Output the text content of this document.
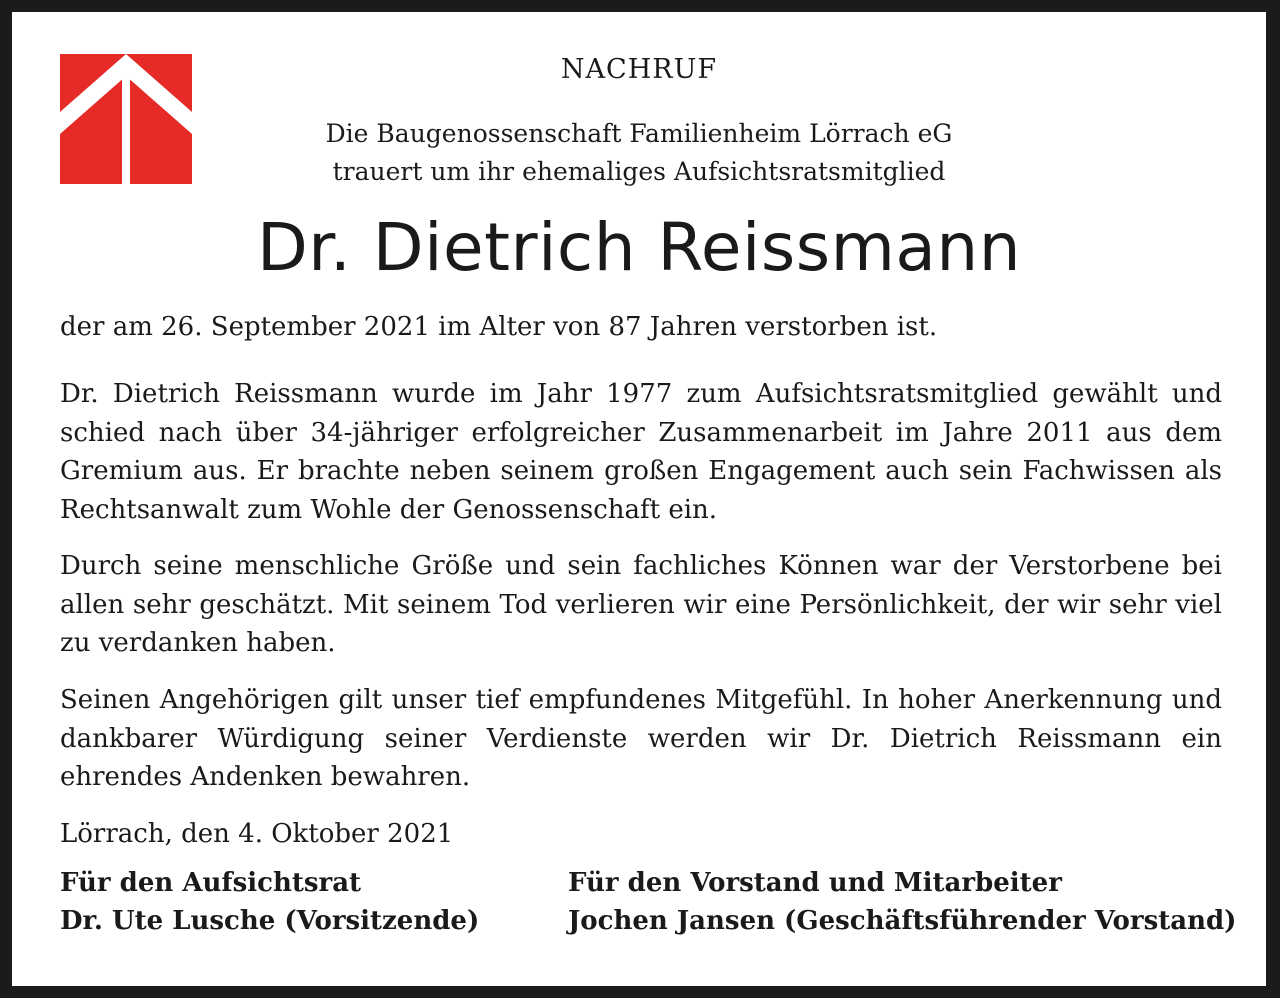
NACHRUF
Die Baugenossenschaft Familienheim Lörrach eG
trauert um ihr ehemaliges Aufsichtsratsmitglied
Dr. Dietrich Reissmann
der am 26. September 2021 im Alter von 87 Jahren verstorben ist.
Dr. Dietrich Reissmann wurde im Jahr 1977 zum Aufsichtsratsmitglied gewählt und schied nach über 34-jähriger erfolgreicher Zusammenarbeit im Jahre 2011 aus dem Gremium aus. Er brachte neben seinem großen Engagement auch sein Fachwissen als Rechtsanwalt zum Wohle der Genossenschaft ein.
Durch seine menschliche Größe und sein fachliches Können war der Verstorbene bei allen sehr geschätzt. Mit seinem Tod verlieren wir eine Persönlichkeit, der wir sehr viel zu verdanken haben.
Seinen Angehörigen gilt unser tief empfundenes Mitgefühl. In hoher Anerkennung und dankbarer Würdigung seiner Verdienste werden wir Dr. Dietrich Reissmann ein ehrendes Andenken bewahren.
Lörrach, den 4. Oktober 2021
Für den Aufsichtsrat
Dr. Ute Lusche (Vorsitzende)
Für den Vorstand und Mitarbeiter
Jochen Jansen (Geschäftsführender Vorstand)
